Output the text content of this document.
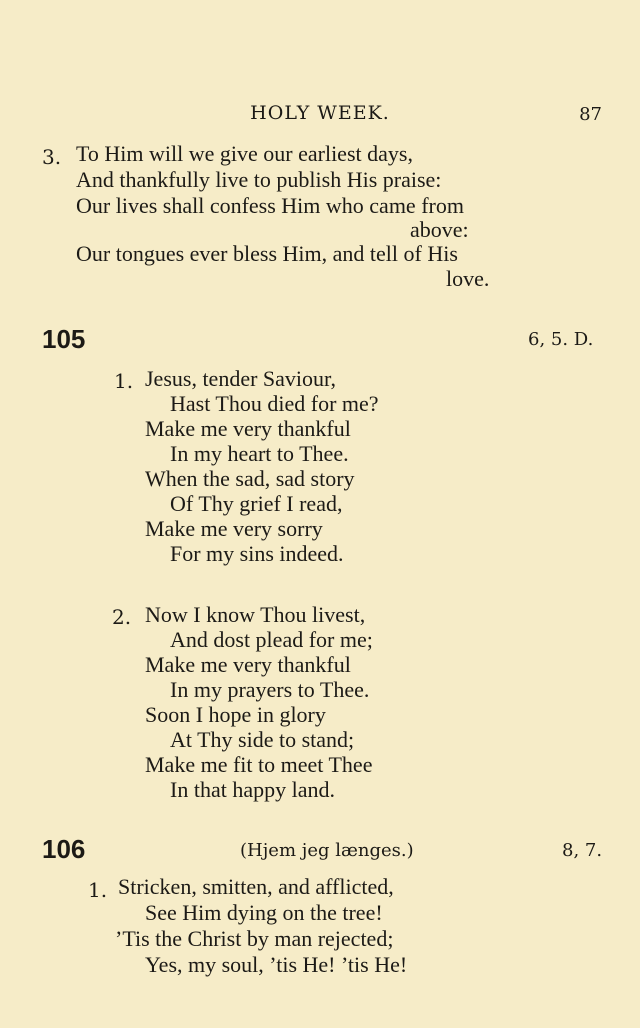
HOLY WEEK.	87
3. To Him will we give our earliest days,
And thankfully live to publish His praise:
Our lives shall confess Him who came from
above:
Our tongues ever bless Him, and tell of His
love.
105	6, 5. D.
1. Jesus, tender Saviour,
Hast Thou died for me?
Make me very thankful
In my heart to Thee.
When the sad, sad story
Of Thy grief I read,
Make me very sorry
For my sins indeed.
2. Now I know Thou livest,
And dost plead for me;
Make me very thankful
In my prayers to Thee.
Soon I hope in glory
At Thy side to stand;
Make me fit to meet Thee
In that happy land.
106	(Hjem jeg længes.)	8, 7.
1. Stricken, smitten, and afflicted,
See Him dying on the tree!
’Tis the Christ by man rejected;
Yes, my soul, ’tis He! ’tis He!
